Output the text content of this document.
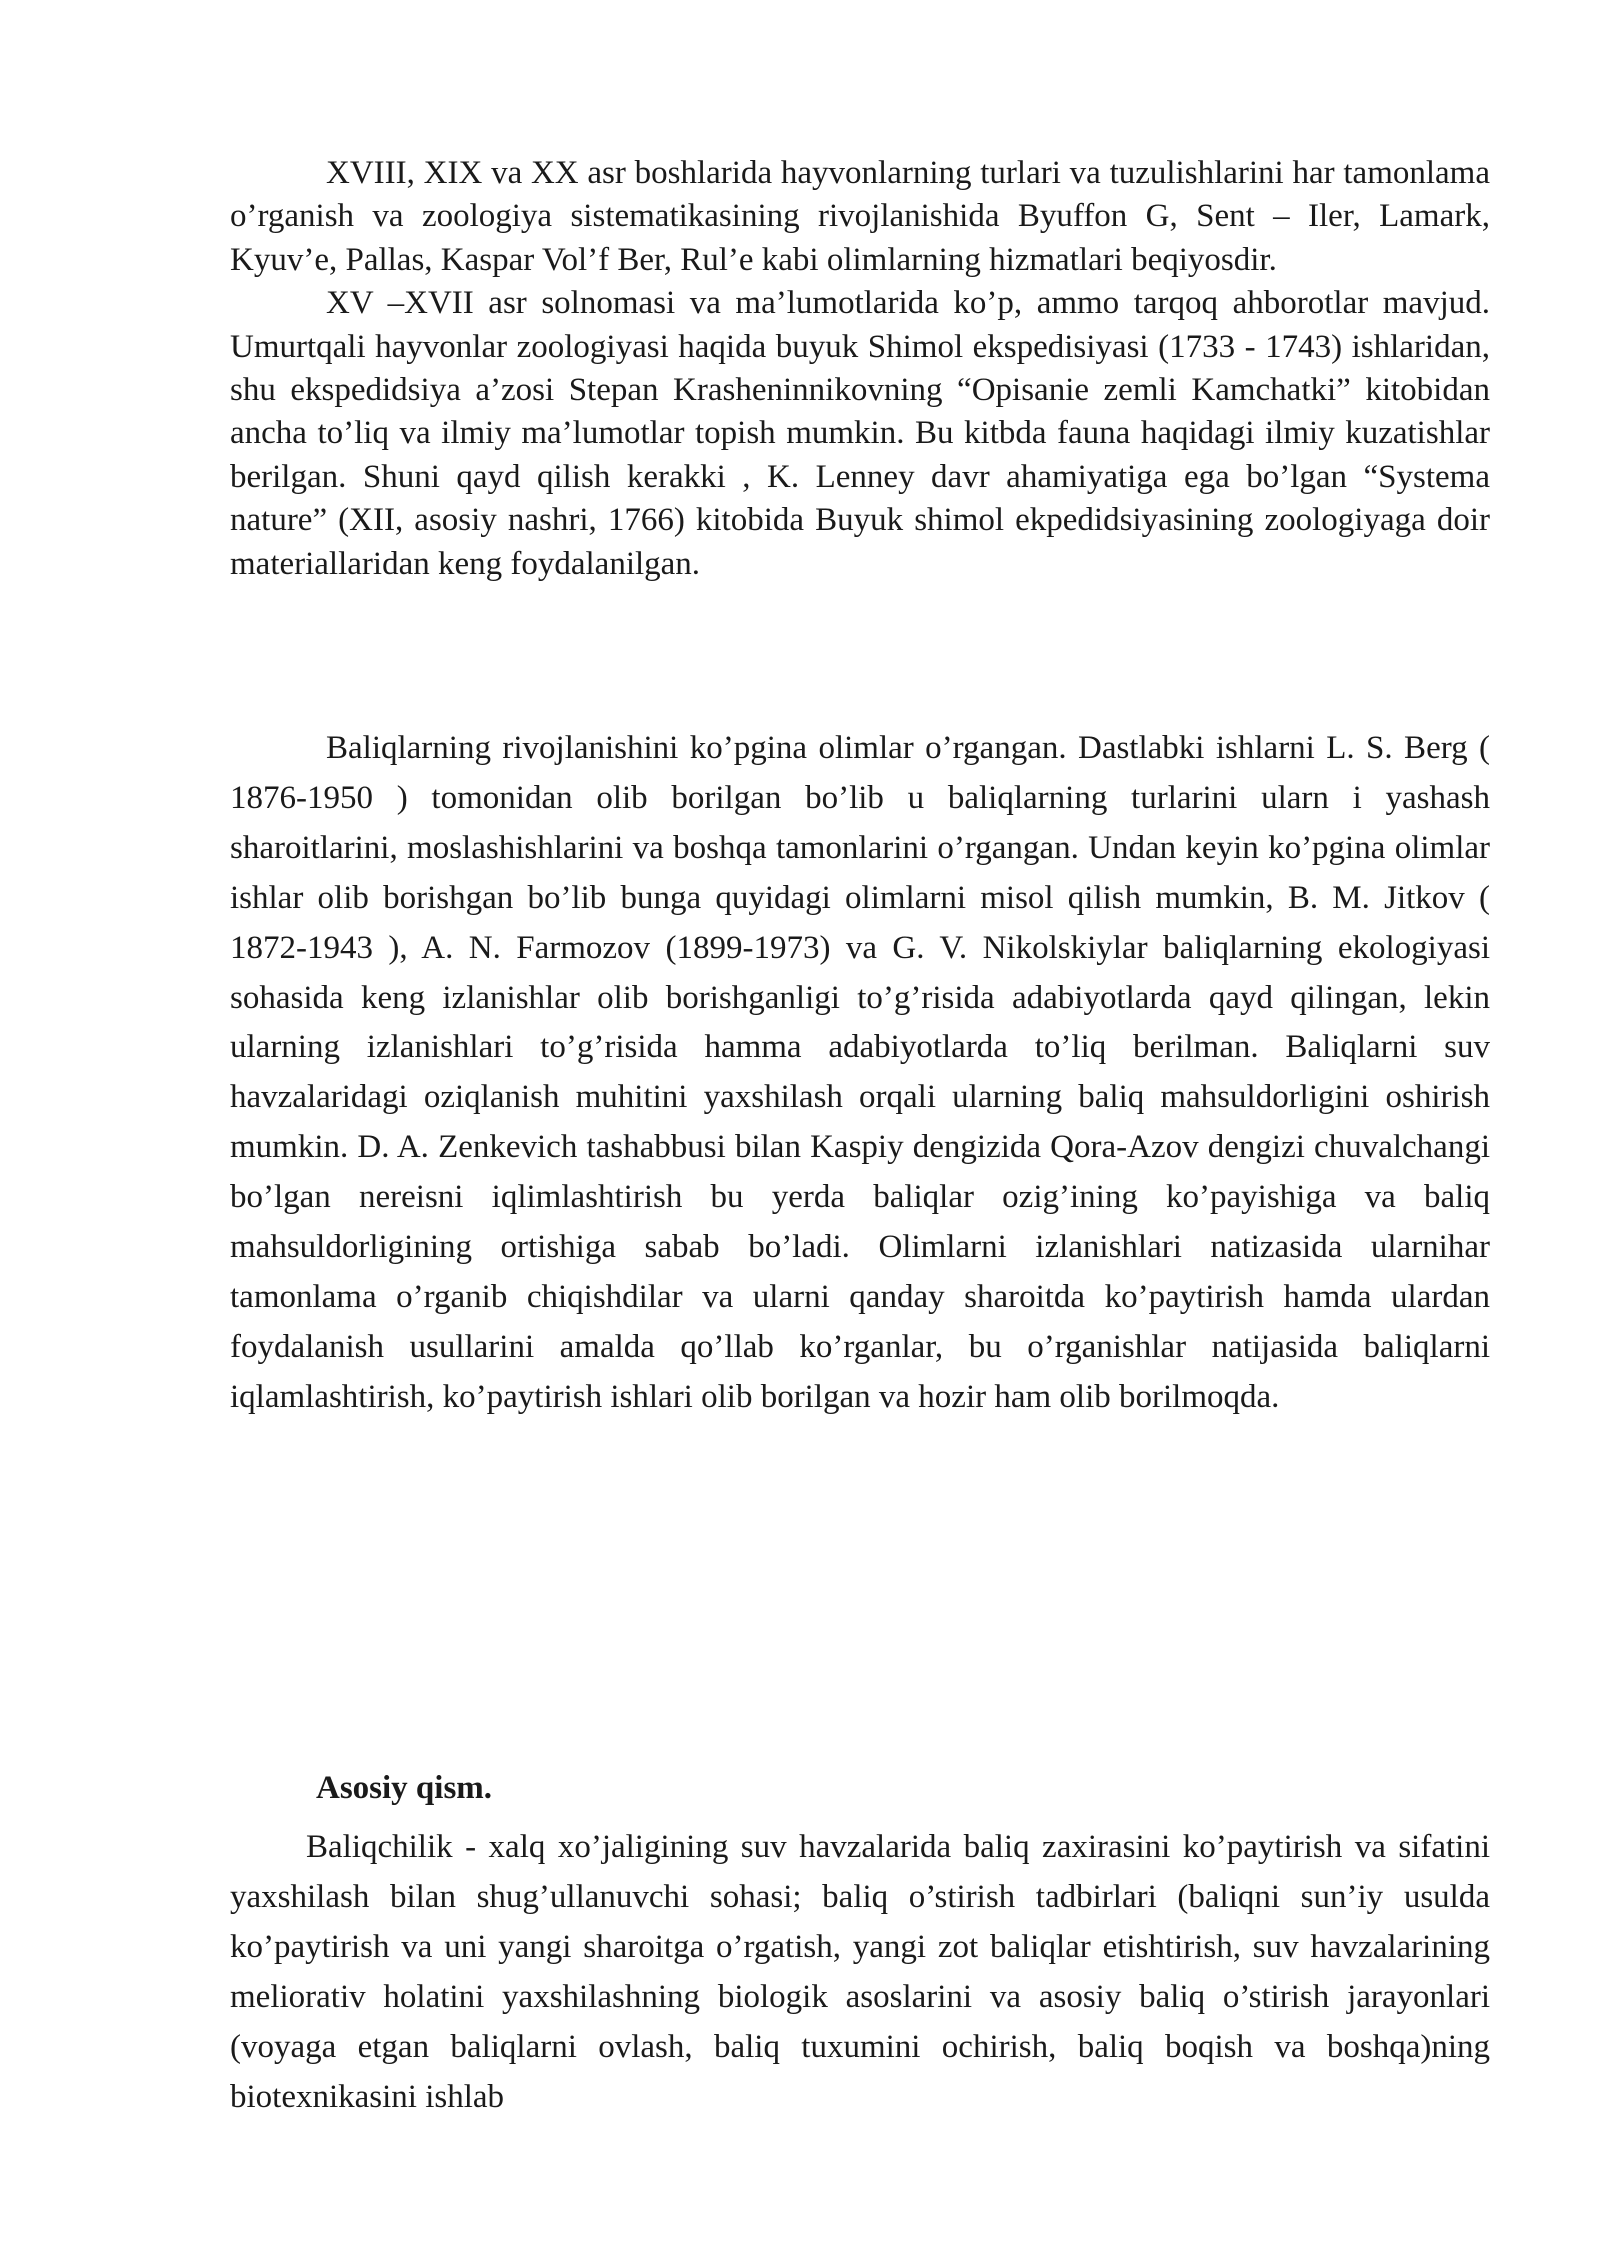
XVIII, XIX va XX asr boshlarida hayvonlarning turlari va tuzulishlarini har tamonlama o’rganish va zoologiya sistematikasining rivojlanishida Byuffon G, Sent – Iler, Lamark, Kyuv’e, Pallas, Kaspar Vol’f Ber, Rul’e kabi olimlarning hizmatlari beqiyosdir.

XV –XVII asr solnomasi va ma’lumotlarida ko’p, ammo tarqoq ahborotlar mavjud. Umurtqali hayvonlar zoologiyasi haqida buyuk Shimol ekspedisiyasi (1733 - 1743) ishlaridan, shu ekspedidsiya a’zosi Stepan Krasheninnikovning “Opisanie zemli Kamchatki” kitobidan ancha to’liq va ilmiy ma’lumotlar topish mumkin. Bu kitbda fauna haqidagi ilmiy kuzatishlar berilgan. Shuni qayd qilish kerakki , K. Lenney davr ahamiyatiga ega bo’lgan “Systema nature” (XII, asosiy nashri, 1766) kitobida Buyuk shimol ekpedidsiyasining zoologiyaga doir materiallaridan keng foydalanilgan.

Baliqlarning rivojlanishini ko’pgina olimlar o’rgangan. Dastlabki ishlarni L. S. Berg ( 1876-1950 ) tomonidan olib borilgan bo’lib u baliqlarning turlarini ularn i yashash sharoitlarini, moslashishlarini va boshqa tamonlarini o’rgangan. Undan keyin ko’pgina olimlar ishlar olib borishgan bo’lib bunga quyidagi olimlarni misol qilish mumkin, B. M. Jitkov ( 1872-1943 ), A. N. Farmozov (1899-1973) va G. V. Nikolskiylar baliqlarning ekologiyasi sohasida keng izlanishlar olib borishganligi to’g’risida adabiyotlarda qayd qilingan, lekin ularning izlanishlari to’g’risida hamma adabiyotlarda to’liq berilman. Baliqlarni suv havzalaridagi oziqlanish muhitini yaxshilash orqali ularning baliq mahsuldorligini oshirish mumkin. D. A. Zenkevich tashabbusi bilan Kaspiy dengizida Qora-Azov dengizi chuvalchangi bo’lgan nereisni iqlimlashtirish bu yerda baliqlar ozig’ining ko’payishiga va baliq mahsuldorligining ortishiga sabab bo’ladi. Olimlarni izlanishlari natizasida ularnihar tamonlama o’rganib chiqishdilar va ularni qanday sharoitda ko’paytirish hamda ulardan foydalanish usullarini amalda qo’llab ko’rganlar, bu o’rganishlar natijasida baliqlarni iqlamlashtirish, ko’paytirish ishlari olib borilgan va hozir ham olib borilmoqda.

Asosiy qism.

Baliqchilik - xalq xo’jaligining suv havzalarida baliq zaxirasini ko’paytirish va sifatini yaxshilash bilan shug’ullanuvchi sohasi; baliq o’stirish tadbirlari (baliqni sun’iy usulda ko’paytirish va uni yangi sharoitga o’rgatish, yangi zot baliqlar etishtirish, suv havzalarining meliorativ holatini yaxshilashning biologik asoslarini va asosiy baliq o’stirish jarayonlari (voyaga etgan baliqlarni ovlash, baliq tuxumini ochirish, baliq boqish va boshqa)ning biotexnikasini ishlab
